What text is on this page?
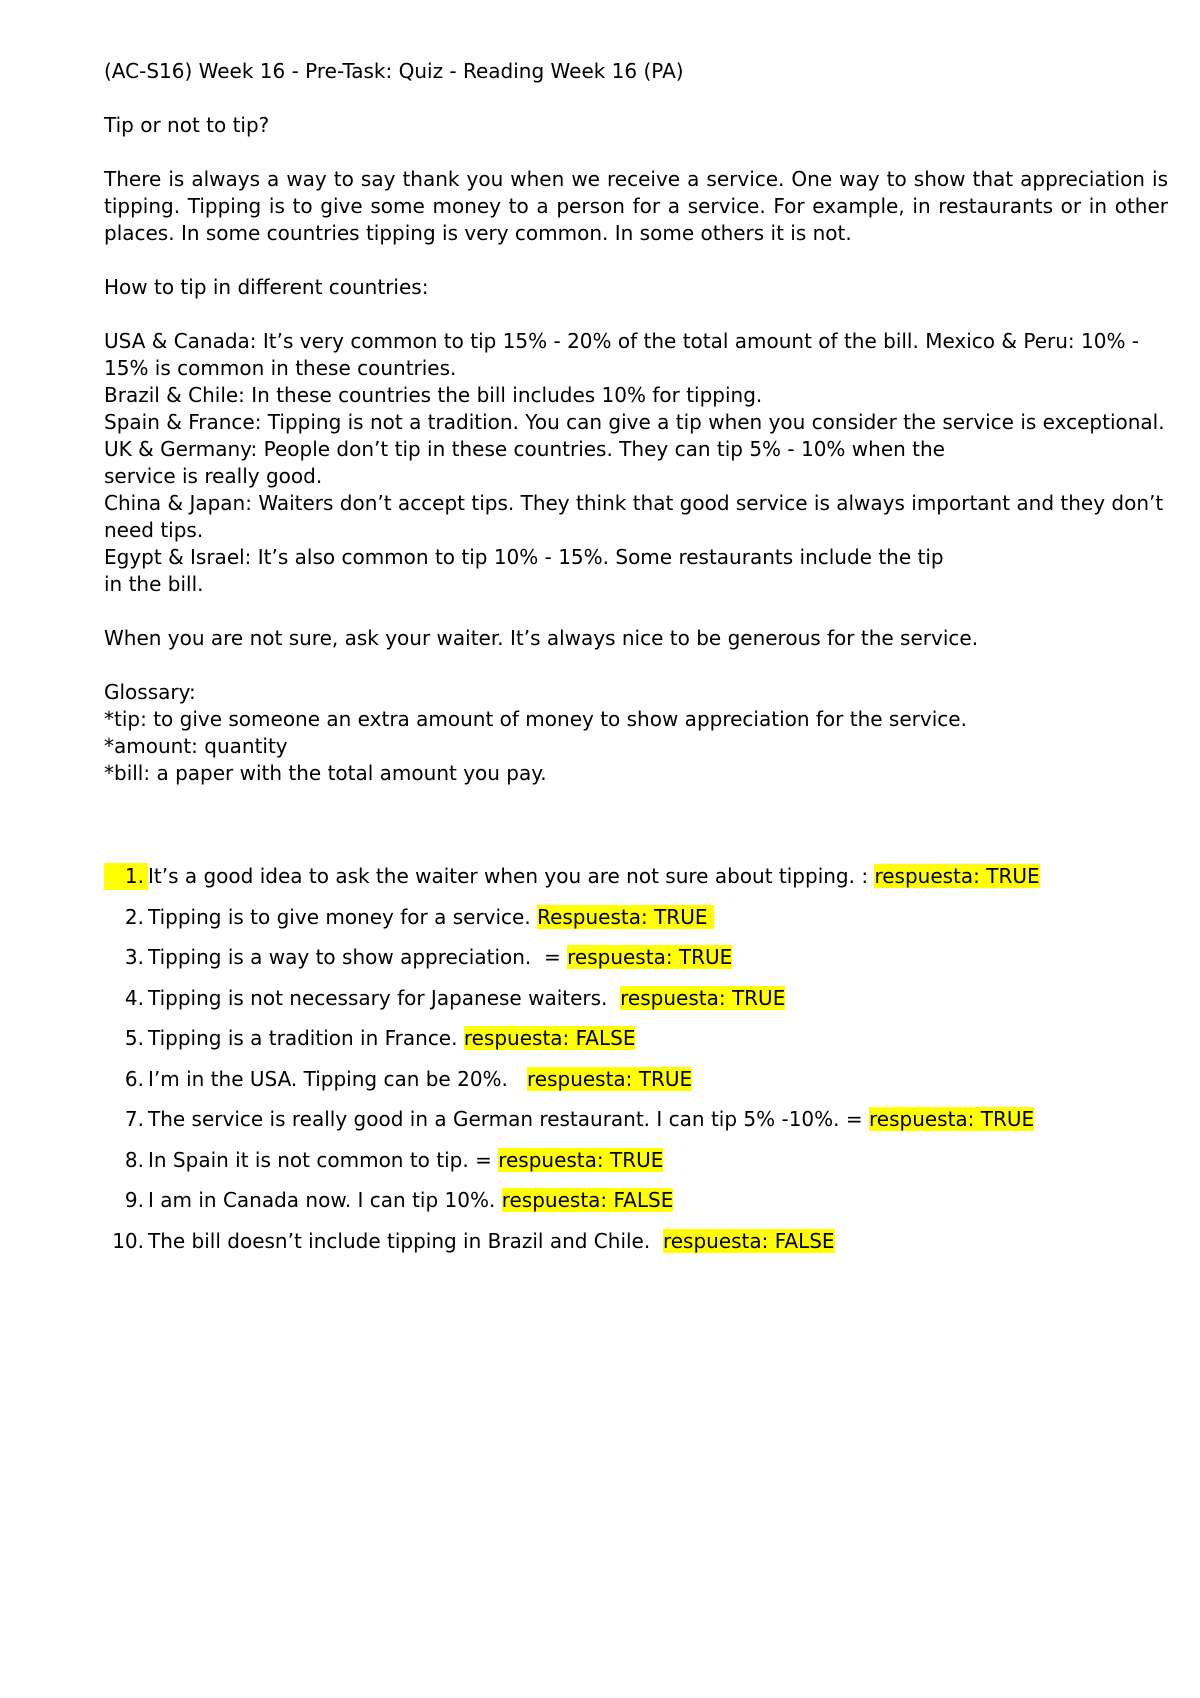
(AC-S16) Week 16 - Pre-Task: Quiz - Reading Week 16 (PA)

Tip or not to tip?

There is always a way to say thank you when we receive a service. One way to show that appreciation is tipping. Tipping is to give some money to a person for a service. For example, in restaurants or in other places. In some countries tipping is very common. In some others it is not.

How to tip in different countries:

USA & Canada: It’s very common to tip 15% - 20% of the total amount of the bill. Mexico & Peru: 10% - 15% is common in these countries.

Brazil & Chile: In these countries the bill includes 10% for tipping.

Spain & France: Tipping is not a tradition. You can give a tip when you consider the service is exceptional.

UK & Germany: People don’t tip in these countries. They can tip 5% - 10% when the

service is really good.

China & Japan: Waiters don’t accept tips. They think that good service is always important and they don’t need tips.

Egypt & Israel: It’s also common to tip 10% - 15%. Some restaurants include the tip

in the bill.

When you are not sure, ask your waiter. It’s always nice to be generous for the service.

Glossary:

*tip: to give someone an extra amount of money to show appreciation for the service.

*amount: quantity

*bill: a paper with the total amount you pay.

1. It’s a good idea to ask the waiter when you are not sure about tipping. : respuesta: TRUE
2. Tipping is to give money for a service. Respuesta: TRUE
3. Tipping is a way to show appreciation.  = respuesta: TRUE
4. Tipping is not necessary for Japanese waiters.  respuesta: TRUE
5. Tipping is a tradition in France. respuesta: FALSE
6. I’m in the USA. Tipping can be 20%.   respuesta: TRUE
7. The service is really good in a German restaurant. I can tip 5% -10%. = respuesta: TRUE
8. In Spain it is not common to tip. = respuesta: TRUE
9. I am in Canada now. I can tip 10%. respuesta: FALSE
10. The bill doesn’t include tipping in Brazil and Chile.  respuesta: FALSE
